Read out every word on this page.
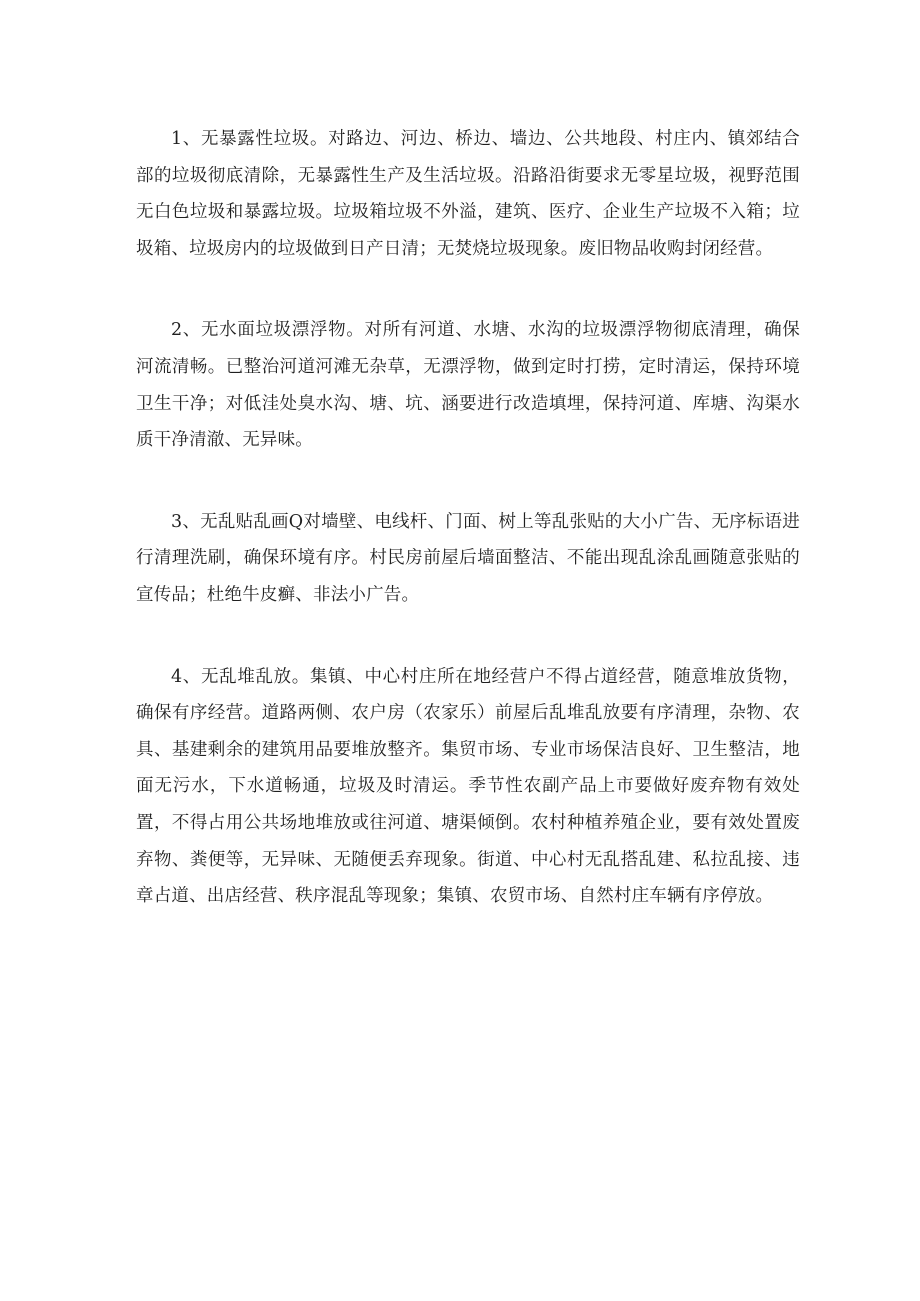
1、无暴露性垃圾。对路边、河边、桥边、墙边、公共地段、村庄内、镇郊结合部的垃圾彻底清除，无暴露性生产及生活垃圾。沿路沿街要求无零星垃圾，视野范围无白色垃圾和暴露垃圾。垃圾箱垃圾不外溢，建筑、医疗、企业生产垃圾不入箱；垃圾箱、垃圾房内的垃圾做到日产日清；无焚烧垃圾现象。废旧物品收购封闭经营。

2、无水面垃圾漂浮物。对所有河道、水塘、水沟的垃圾漂浮物彻底清理，确保河流清畅。已整治河道河滩无杂草，无漂浮物，做到定时打捞，定时清运，保持环境卫生干净；对低洼处臭水沟、塘、坑、涵要进行改造填埋，保持河道、库塘、沟渠水质干净清澈、无异味。

3、无乱贴乱画Q对墙壁、电线杆、门面、树上等乱张贴的大小广告、无序标语进行清理洗刷，确保环境有序。村民房前屋后墙面整洁、不能出现乱涂乱画随意张贴的宣传品；杜绝牛皮癣、非法小广告。

4、无乱堆乱放。集镇、中心村庄所在地经营户不得占道经营，随意堆放货物，确保有序经营。道路两侧、农户房（农家乐）前屋后乱堆乱放要有序清理，杂物、农具、基建剩余的建筑用品要堆放整齐。集贸市场、专业市场保洁良好、卫生整洁，地面无污水，下水道畅通，垃圾及时清运。季节性农副产品上市要做好废弃物有效处置，不得占用公共场地堆放或往河道、塘渠倾倒。农村种植养殖企业，要有效处置废弃物、粪便等，无异味、无随便丢弃现象。街道、中心村无乱搭乱建、私拉乱接、违章占道、出店经营、秩序混乱等现象；集镇、农贸市场、自然村庄车辆有序停放。
